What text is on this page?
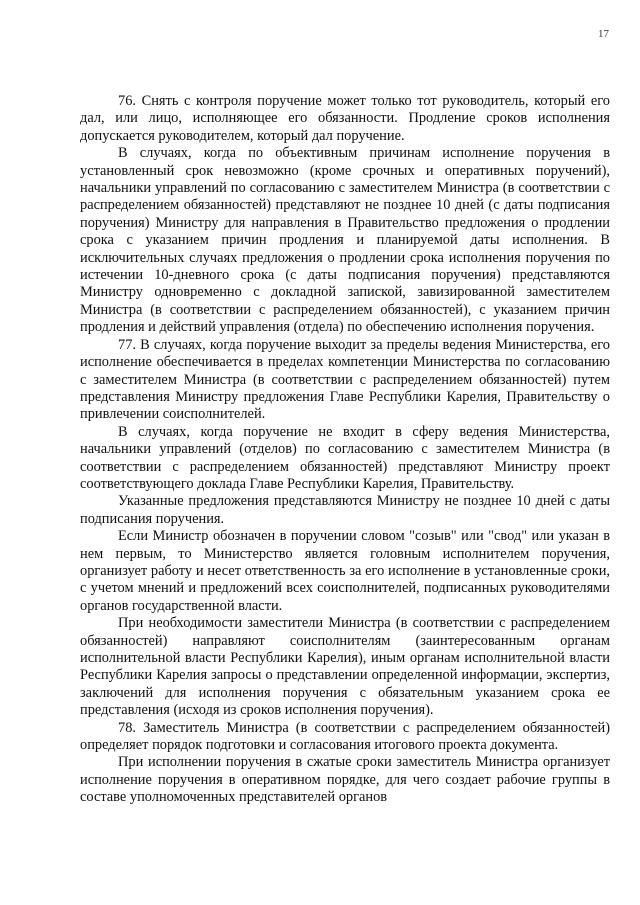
17

76. Снять с контроля поручение может только тот руководитель, который его дал, или лицо, исполняющее его обязанности. Продление сроков исполнения допускается руководителем, который дал поручение.

В случаях, когда по объективным причинам исполнение поручения в установленный срок невозможно (кроме срочных и оперативных поручений), начальники управлений по согласованию с заместителем Министра (в соответствии с распределением обязанностей) представляют не позднее 10 дней (с даты подписания поручения) Министру для направления в Правительство предложения о продлении срока с указанием причин продления и планируемой даты исполнения. В исключительных случаях предложения о продлении срока исполнения поручения по истечении 10-дневного срока (с даты подписания поручения) представляются Министру одновременно с докладной запиской, завизированной заместителем Министра (в соответствии с распределением обязанностей), с указанием причин продления и действий управления (отдела) по обеспечению исполнения поручения.

77. В случаях, когда поручение выходит за пределы ведения Министерства, его исполнение обеспечивается в пределах компетенции Министерства по согласованию с заместителем Министра (в соответствии с распределением обязанностей) путем представления Министру предложения Главе Республики Карелия, Правительству о привлечении соисполнителей.

В случаях, когда поручение не входит в сферу ведения Министерства, начальники управлений (отделов) по согласованию с заместителем Министра (в соответствии с распределением обязанностей) представляют Министру проект соответствующего доклада Главе Республики Карелия, Правительству.

Указанные предложения представляются Министру не позднее 10 дней с даты подписания поручения.

Если Министр обозначен в поручении словом "созыв" или "свод" или указан в нем первым, то Министерство является головным исполнителем поручения, организует работу и несет ответственность за его исполнение в установленные сроки, с учетом мнений и предложений всех соисполнителей, подписанных руководителями органов государственной власти.

При необходимости заместители Министра (в соответствии с распределением обязанностей) направляют соисполнителям (заинтересованным органам исполнительной власти Республики Карелия), иным органам исполнительной власти Республики Карелия запросы о представлении определенной информации, экспертиз, заключений для исполнения поручения с обязательным указанием срока ее представления (исходя из сроков исполнения поручения).

78. Заместитель Министра (в соответствии с распределением обязанностей) определяет порядок подготовки и согласования итогового проекта документа.

При исполнении поручения в сжатые сроки заместитель Министра организует исполнение поручения в оперативном порядке, для чего создает рабочие группы в составе уполномоченных представителей органов
